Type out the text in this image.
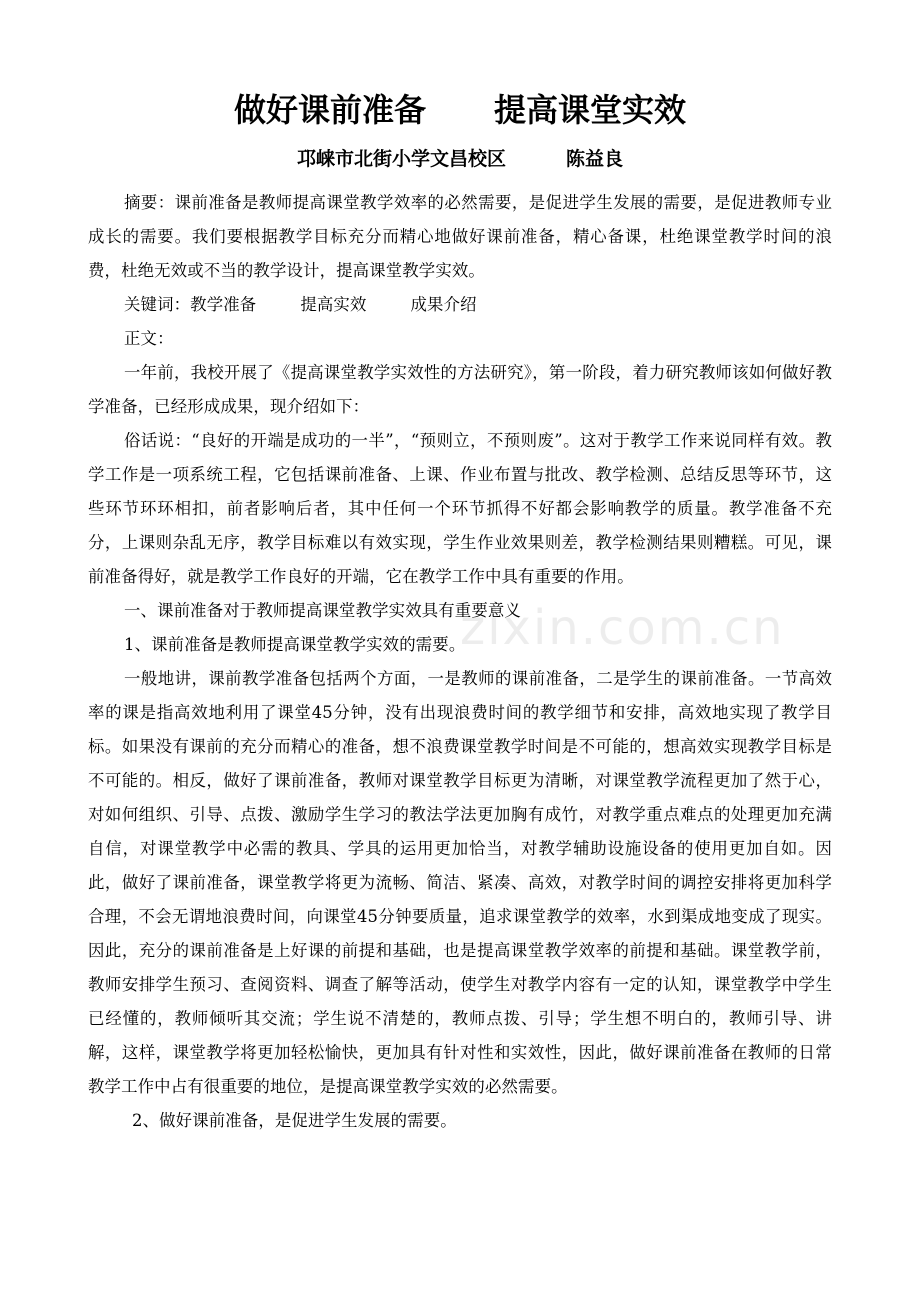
做好课前准备 提高课堂实效
邛崃市北街小学文昌校区	陈益良

摘要：课前准备是教师提高课堂教学效率的必然需要，是促进学生发展的需要，是促进教师专业成长的需要。我们要根据教学目标充分而精心地做好课前准备，精心备课，杜绝课堂教学时间的浪费，杜绝无效或不当的教学设计，提高课堂教学实效。

关键词：教学准备	提高实效	成果介绍

正文：

一年前，我校开展了《提高课堂教学实效性的方法研究》，第一阶段，着力研究教师该如何做好教学准备，已经形成成果，现介绍如下：

俗话说：“良好的开端是成功的一半”，“预则立，不预则废”。这对于教学工作来说同样有效。教学工作是一项系统工程，它包括课前准备、上课、作业布置与批改、教学检测、总结反思等环节，这些环节环环相扣，前者影响后者，其中任何一个环节抓得不好都会影响教学的质量。教学准备不充分，上课则杂乱无序，教学目标难以有效实现，学生作业效果则差，教学检测结果则糟糕。可见，课前准备得好，就是教学工作良好的开端，它在教学工作中具有重要的作用。

一、课前准备对于教师提高课堂教学实效具有重要意义

1、课前准备是教师提高课堂教学实效的需要。

一般地讲，课前教学准备包括两个方面，一是教师的课前准备，二是学生的课前准备。一节高效率的课是指高效地利用了课堂45分钟，没有出现浪费时间的教学细节和安排，高效地实现了教学目标。如果没有课前的充分而精心的准备，想不浪费课堂教学时间是不可能的，想高效实现教学目标是不可能的。相反，做好了课前准备，教师对课堂教学目标更为清晰，对课堂教学流程更加了然于心，对如何组织、引导、点拨、激励学生学习的教法学法更加胸有成竹，对教学重点难点的处理更加充满自信，对课堂教学中必需的教具、学具的运用更加恰当，对教学辅助设施设备的使用更加自如。因此，做好了课前准备，课堂教学将更为流畅、简洁、紧凑、高效，对教学时间的调控安排将更加科学合理，不会无谓地浪费时间，向课堂45分钟要质量，追求课堂教学的效率，水到渠成地变成了现实。因此，充分的课前准备是上好课的前提和基础，也是提高课堂教学效率的前提和基础。课堂教学前，教师安排学生预习、查阅资料、调查了解等活动，使学生对教学内容有一定的认知，课堂教学中学生已经懂的，教师倾听其交流；学生说不清楚的，教师点拨、引导；学生想不明白的，教师引导、讲解，这样，课堂教学将更加轻松愉快，更加具有针对性和实效性，因此，做好课前准备在教师的日常教学工作中占有很重要的地位，是提高课堂教学实效的必然需要。

2、做好课前准备，是促进学生发展的需要。

zixin.com.cn
